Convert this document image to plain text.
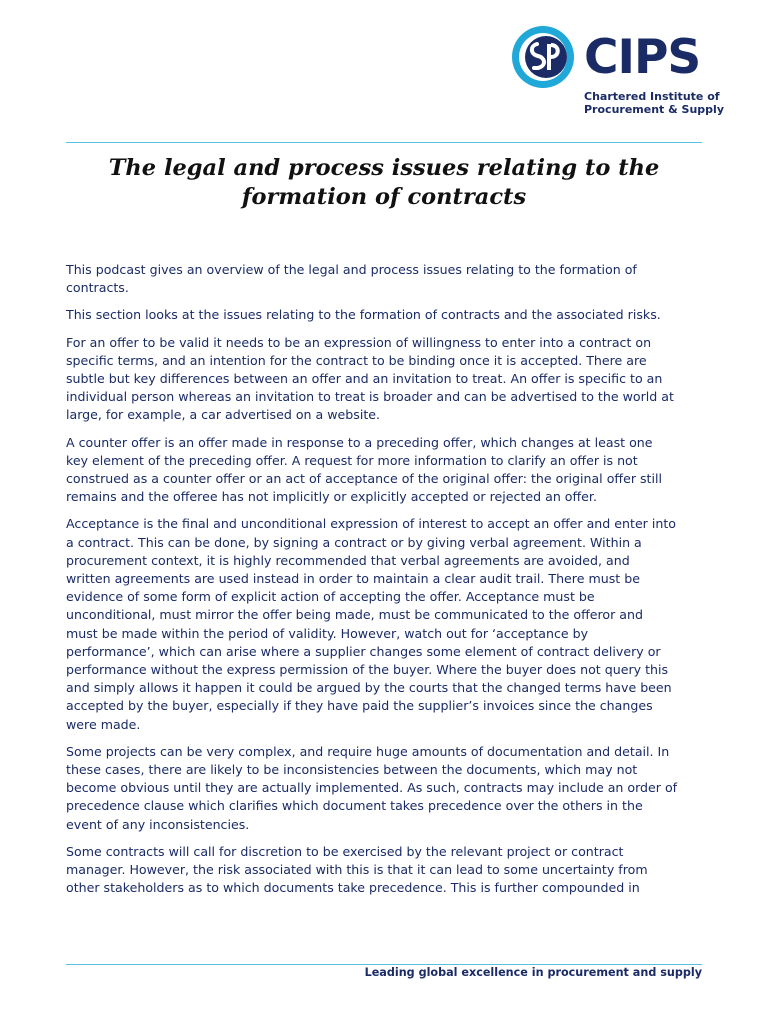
CIPS
Chartered Institute of
Procurement & Supply
The legal and process issues relating to the
formation of contracts

This podcast gives an overview of the legal and process issues relating to the formation of
contracts.

This section looks at the issues relating to the formation of contracts and the associated risks.

For an offer to be valid it needs to be an expression of willingness to enter into a contract on
specific terms, and an intention for the contract to be binding once it is accepted. There are
subtle but key differences between an offer and an invitation to treat. An offer is specific to an
individual person whereas an invitation to treat is broader and can be advertised to the world at
large, for example, a car advertised on a website.

A counter offer is an offer made in response to a preceding offer, which changes at least one
key element of the preceding offer. A request for more information to clarify an offer is not
construed as a counter offer or an act of acceptance of the original offer: the original offer still
remains and the offeree has not implicitly or explicitly accepted or rejected an offer.

Acceptance is the final and unconditional expression of interest to accept an offer and enter into
a contract. This can be done, by signing a contract or by giving verbal agreement. Within a
procurement context, it is highly recommended that verbal agreements are avoided, and
written agreements are used instead in order to maintain a clear audit trail. There must be
evidence of some form of explicit action of accepting the offer. Acceptance must be
unconditional, must mirror the offer being made, must be communicated to the offeror and
must be made within the period of validity. However, watch out for ‘acceptance by
performance’, which can arise where a supplier changes some element of contract delivery or
performance without the express permission of the buyer. Where the buyer does not query this
and simply allows it happen it could be argued by the courts that the changed terms have been
accepted by the buyer, especially if they have paid the supplier’s invoices since the changes
were made.

Some projects can be very complex, and require huge amounts of documentation and detail. In
these cases, there are likely to be inconsistencies between the documents, which may not
become obvious until they are actually implemented. As such, contracts may include an order of
precedence clause which clarifies which document takes precedence over the others in the
event of any inconsistencies.

Some contracts will call for discretion to be exercised by the relevant project or contract
manager. However, the risk associated with this is that it can lead to some uncertainty from
other stakeholders as to which documents take precedence. This is further compounded in

Leading global excellence in procurement and supply
